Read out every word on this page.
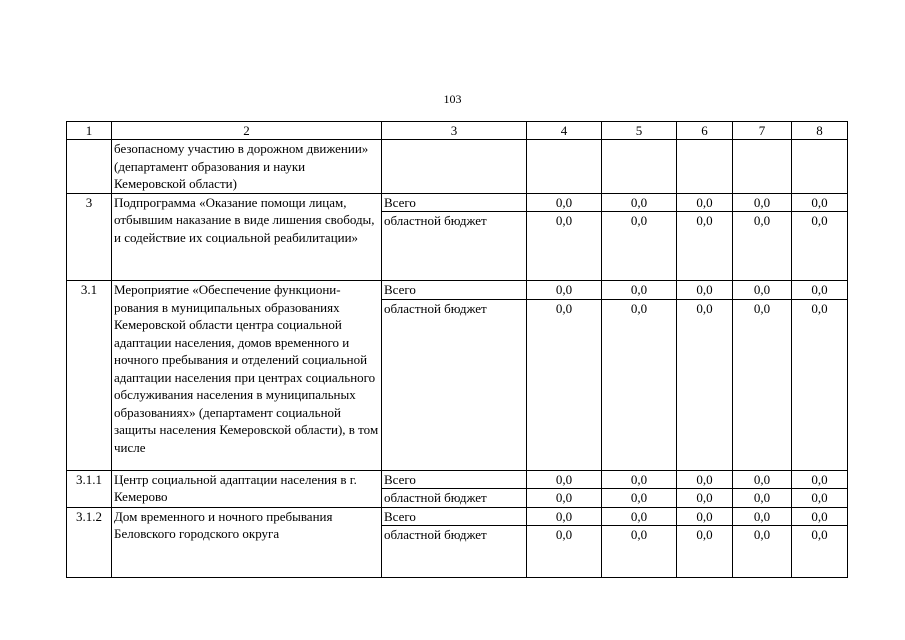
103
1	2	3	4	5	6	7	8
	безопасному участию в дорожном движении» (департамент образования и науки Кемеровской области)						
3	Подпрограмма «Оказание помощи лицам, отбывшим наказание в виде лишения свободы, и содействие их социальной реабилитации»	Всего	0,0	0,0	0,0	0,0	0,0
		областной бюджет	0,0	0,0	0,0	0,0	0,0
3.1	Мероприятие «Обеспечение функциони-рования в муниципальных образованиях Кемеровской области центра социальной адаптации населения, домов временного и ночного пребывания и отделений социальной адаптации населения при центрах социального обслуживания населения в муниципальных образованиях» (департамент социальной защиты населения Кемеровской области), в том числе	Всего	0,0	0,0	0,0	0,0	0,0
		областной бюджет	0,0	0,0	0,0	0,0	0,0
3.1.1	Центр социальной адаптации населения в г. Кемерово	Всего	0,0	0,0	0,0	0,0	0,0
		областной бюджет	0,0	0,0	0,0	0,0	0,0
3.1.2	Дом временного и ночного пребывания Беловского городского округа	Всего	0,0	0,0	0,0	0,0	0,0
		областной бюджет	0,0	0,0	0,0	0,0	0,0
